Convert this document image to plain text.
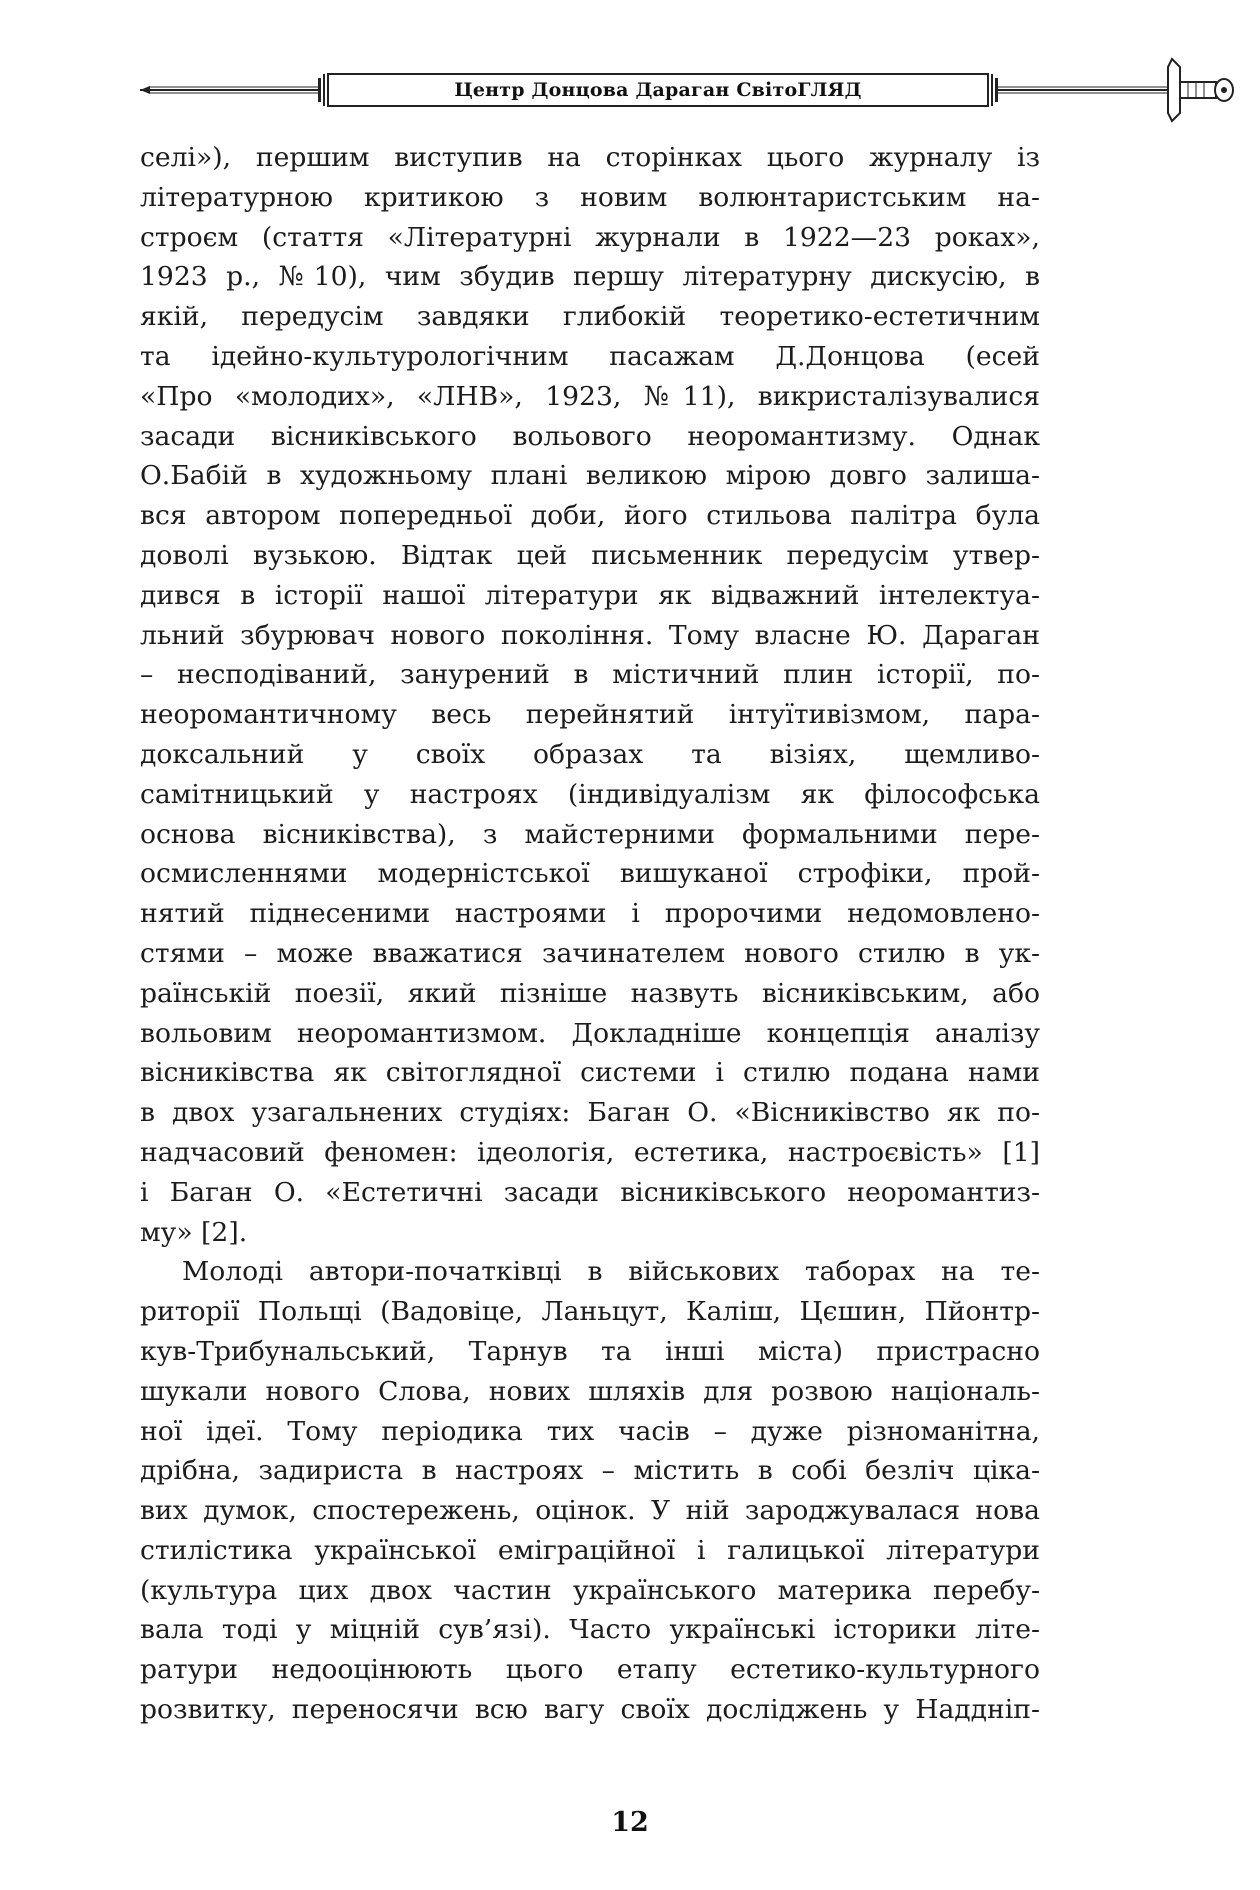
Центр Донцова Дараган СвітоГЛЯД

селі»), першим виступив на сторінках цього журналу із
літературною критикою з новим волюнтаристським на-
строєм (стаття «Літературні журнали в 1922—23 роках»,
1923 р., №10), чим збудив першу літературну дискусію, в
якій, передусім завдяки глибокій теоретико-естетичним
та ідейно-культурологічним пасажам Д.Донцова (есей
«Про «молодих», «ЛНВ», 1923, №11), викристалізувалися
засади вісниківського вольового неоромантизму. Однак
О.Бабій в художньому плані великою мірою довго залиша-
вся автором попередньої доби, його стильова палітра була
доволі вузькою. Відтак цей письменник передусім утвер-
дився в історії нашої літератури як відважний інтелектуа-
льний збурювач нового покоління. Тому власне Ю. Дараган
– несподіваний, занурений в містичний плин історії, по-
неоромантичному весь перейнятий інтуїтивізмом, пара-
доксальний у своїх образах та візіях, щемливо-
самітницький у настроях (індивідуалізм як філософська
основа вісниківства), з майстерними формальними пере-
осмисленнями модерністської вишуканої строфіки, прой-
нятий піднесеними настроями і пророчими недомовлено-
стями – може вважатися зачинателем нового стилю в ук-
раїнській поезії, який пізніше назвуть вісниківським, або
вольовим неоромантизмом. Докладніше концепція аналізу
вісниківства як світоглядної системи і стилю подана нами
в двох узагальнених студіях: Баган О. «Вісниківство як по-
надчасовий феномен: ідеологія, естетика, настроєвість» [1]
і Баган О. «Естетичні засади вісниківського неоромантиз-
му» [2].

Молоді автори-початківці в військових таборах на те-
риторії Польщі (Вадовіце, Ланьцут, Каліш, Цєшин, Пйонтр-
кув-Трибунальський, Тарнув та інші міста) пристрасно
шукали нового Слова, нових шляхів для розвою національ-
ної ідеї. Тому періодика тих часів – дуже різноманітна,
дрібна, задириста в настроях – містить в собі безліч ціка-
вих думок, спостережень, оцінок. У ній зароджувалася нова
стилістика української еміграційної і галицької літератури
(культура цих двох частин українського материка перебу-
вала тоді у міцній сув’язі). Часто українські історики літе-
ратури недооцінюють цього етапу естетико-культурного
розвитку, переносячи всю вагу своїх досліджень у Наддніп-

12
